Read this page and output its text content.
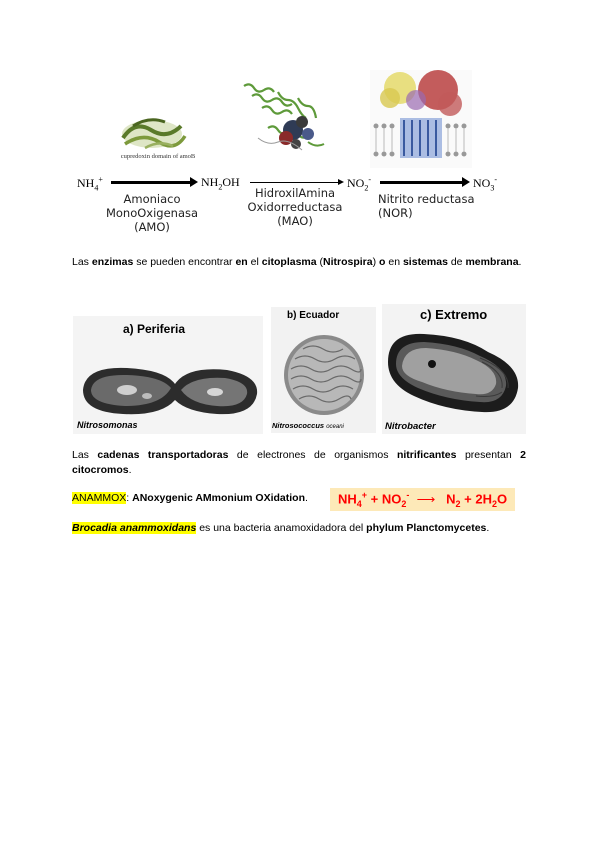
cupredoxin domain of amoB
$NH_4^+$	$NH_2OH$	$NO_2^-$	$NO_3^-$
Amoniaco
MonoOxigenasa
(AMO)
HidroxilAmina
Oxidorreductasa
(MAO)
Nitrito reductasa
(NOR)
Las enzimas se pueden encontrar en el citoplasma (Nitrospira) o en sistemas de membrana.
a) Periferia
Nitrosomonas
b) Ecuador
Nitrosococcus oceani
c) Extremo
Nitrobacter
Las cadenas transportadoras de electrones de organismos nitrificantes presentan 2 citocromos.
ANAMMOX: ANoxygenic AMmonium OXidation.	$NH_4^+ + NO_2^-$ ⟶ $N_2 + 2H_2O$
Brocadia anammoxidans es una bacteria anamoxidadora del phylum Planctomycetes.
